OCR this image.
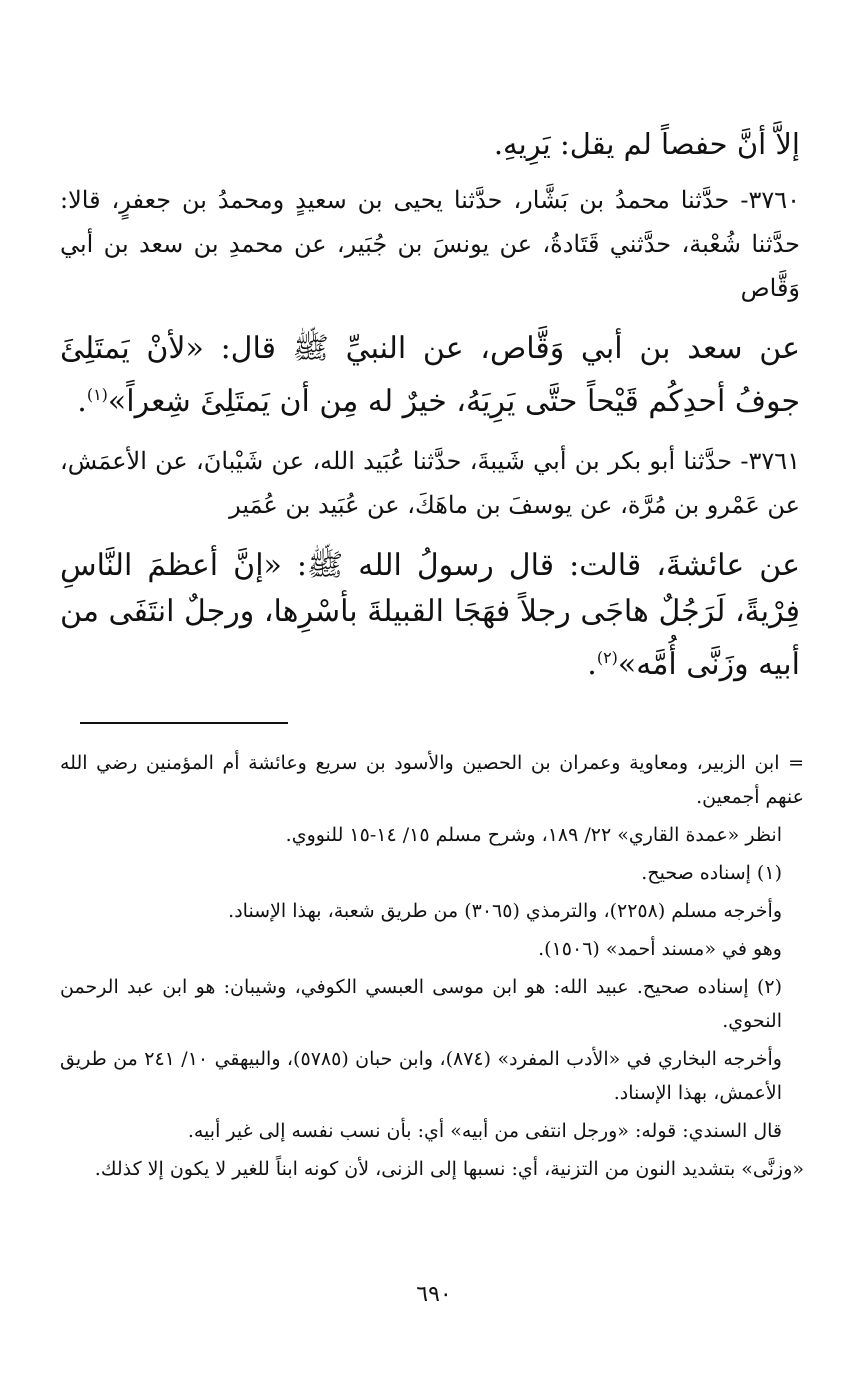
إلاَّ أنَّ حفصاً لم يقل: يَرِيهِ.

٣٧٦٠- حدَّثنا محمدُ بن بَشَّار، حدَّثنا يحيى بن سعيدٍ ومحمدُ بن جعفرٍ، قالا: حدَّثنا شُعْبة، حدَّثني قَتَادةُ، عن يونسَ بن جُبَير، عن محمدِ بن سعد بن أبي وَقَّاص

عن سعد بن أبي وَقَّاص، عن النبيِّ ﷺ قال: «لأنْ يَمتَلِئَ جوفُ أحدِكُم قَيْحاً حتَّى يَرِيَهُ، خيرٌ له مِن أن يَمتَلِئَ شِعراً»$^{(١)}$.

٣٧٦١- حدَّثنا أبو بكر بن أبي شَيبةَ، حدَّثنا عُبَيد الله، عن شَيْبانَ، عن الأعمَش، عن عَمْرو بن مُرَّة، عن يوسفَ بن ماهَكَ، عن عُبَيد بن عُمَير

عن عائشةَ، قالت: قال رسولُ الله ﷺ: «إنَّ أعظمَ النَّاسِ فِرْيةً، لَرَجُلٌ هاجَى رجلاً فهَجَا القبيلةَ بأسْرِها، ورجلٌ انتَفَى من أبيه وزَنَّى أُمَّه»$^{(٢)}$.

= ابن الزبير، ومعاوية وعمران بن الحصين والأسود بن سريع وعائشة أم المؤمنين رضي الله عنهم أجمعين.

انظر «عمدة القاري» ٢٢/ ١٨٩، وشرح مسلم ١٥/ ١٤-١٥ للنووي.

(١) إسناده صحيح.

وأخرجه مسلم (٢٢٥٨)، والترمذي (٣٠٦٥) من طريق شعبة، بهذا الإسناد.

وهو في «مسند أحمد» (١٥٠٦).

(٢) إسناده صحيح. عبيد الله: هو ابن موسى العبسي الكوفي، وشيبان: هو ابن عبد الرحمن النحوي.

وأخرجه البخاري في «الأدب المفرد» (٨٧٤)، وابن حبان (٥٧٨٥)، والبيهقي ١٠/ ٢٤١ من طريق الأعمش، بهذا الإسناد.

قال السندي: قوله: «ورجل انتفى من أبيه» أي: بأن نسب نفسه إلى غير أبيه.

«وزنَّى» بتشديد النون من التزنية، أي: نسبها إلى الزنى، لأن كونه ابناً للغير لا يكون إلا كذلك.

٦٩٠
